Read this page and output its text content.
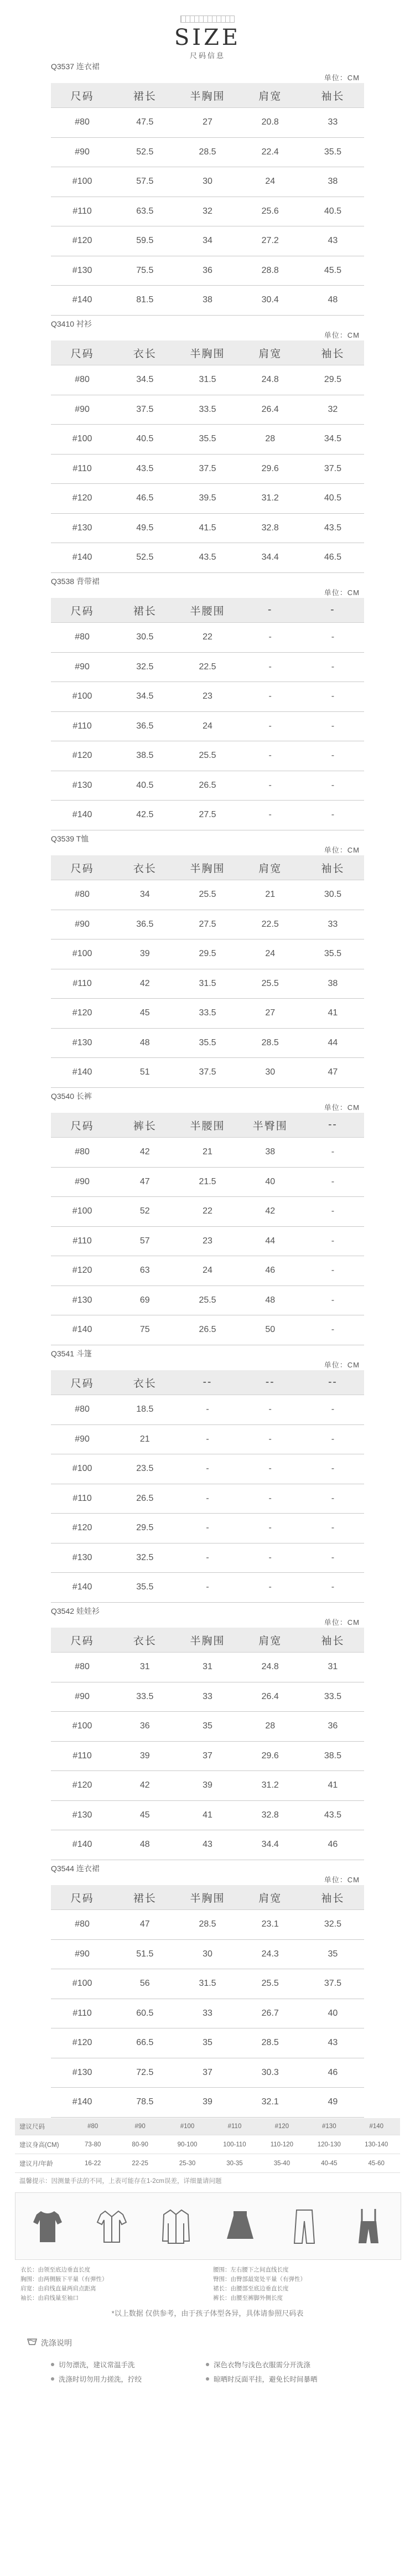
SIZE
尺码信息
Q3537 连衣裙
单位：CM
尺码	裙长	半胸围	肩宽	袖长
#80	47.5	27	20.8	33
#90	52.5	28.5	22.4	35.5
#100	57.5	30	24	38
#110	63.5	32	25.6	40.5
#120	59.5	34	27.2	43
#130	75.5	36	28.8	45.5
#140	81.5	38	30.4	48
Q3410 衬衫
单位：CM
尺码	衣长	半胸围	肩宽	袖长
#80	34.5	31.5	24.8	29.5
#90	37.5	33.5	26.4	32
#100	40.5	35.5	28	34.5
#110	43.5	37.5	29.6	37.5
#120	46.5	39.5	31.2	40.5
#130	49.5	41.5	32.8	43.5
#140	52.5	43.5	34.4	46.5
Q3538 背带裙
单位：CM
尺码	裙长	半腰围	-	-
#80	30.5	22	-	-
#90	32.5	22.5	-	-
#100	34.5	23	-	-
#110	36.5	24	-	-
#120	38.5	25.5	-	-
#130	40.5	26.5	-	-
#140	42.5	27.5	-	-
Q3539 T恤
单位：CM
尺码	衣长	半胸围	肩宽	袖长
#80	34	25.5	21	30.5
#90	36.5	27.5	22.5	33
#100	39	29.5	24	35.5
#110	42	31.5	25.5	38
#120	45	33.5	27	41
#130	48	35.5	28.5	44
#140	51	37.5	30	47
Q3540 长裤
单位：CM
尺码	裤长	半腰围	半臀围	--
#80	42	21	38	-
#90	47	21.5	40	-
#100	52	22	42	-
#110	57	23	44	-
#120	63	24	46	-
#130	69	25.5	48	-
#140	75	26.5	50	-
Q3541 斗篷
单位：CM
尺码	衣长	--	--	--
#80	18.5	-	-	-
#90	21	-	-	-
#100	23.5	-	-	-
#110	26.5	-	-	-
#120	29.5	-	-	-
#130	32.5	-	-	-
#140	35.5	-	-	-
Q3542 娃娃衫
单位：CM
尺码	衣长	半胸围	肩宽	袖长
#80	31	31	24.8	31
#90	33.5	33	26.4	33.5
#100	36	35	28	36
#110	39	37	29.6	38.5
#120	42	39	31.2	41
#130	45	41	32.8	43.5
#140	48	43	34.4	46
Q3544 连衣裙
单位：CM
尺码	裙长	半胸围	肩宽	袖长
#80	47	28.5	23.1	32.5
#90	51.5	30	24.3	35
#100	56	31.5	25.5	37.5
#110	60.5	33	26.7	40
#120	66.5	35	28.5	43
#130	72.5	37	30.3	46
#140	78.5	39	32.1	49
建议尺码	#80	#90	#100	#110	#120	#130	#140
建议身高(CM)	73-80	80-90	90-100	100-110	110-120	120-130	130-140
建议月/年龄	16-22	22-25	25-30	30-35	35-40	40-45	45-60
温馨提示：因测量手法的不同，上表可能存在1-2cm误差，详细量请问题
衣长：由领至底边垂直长度
胸围：由两侧腋下平量（有弹性）
肩宽：由肩线直量两肩点距离
袖长：由肩线量至袖口
腰围：左右腰下之间直线长度
臀围：由臀部最宽处平量（有弹性）
裙长：由腰部至底边垂直长度
裤长：由腰至裤脚外侧长度
*以上数据 仅供参考，由于孩子体型各异，具体请参照尺码表
洗涤说明
切勿漂洗，建议常温手洗	深色衣物与浅色衣服需分开洗涤
洗涤时切勿用力搓洗，拧绞	晾晒时反面平挂，避免长时间暴晒
